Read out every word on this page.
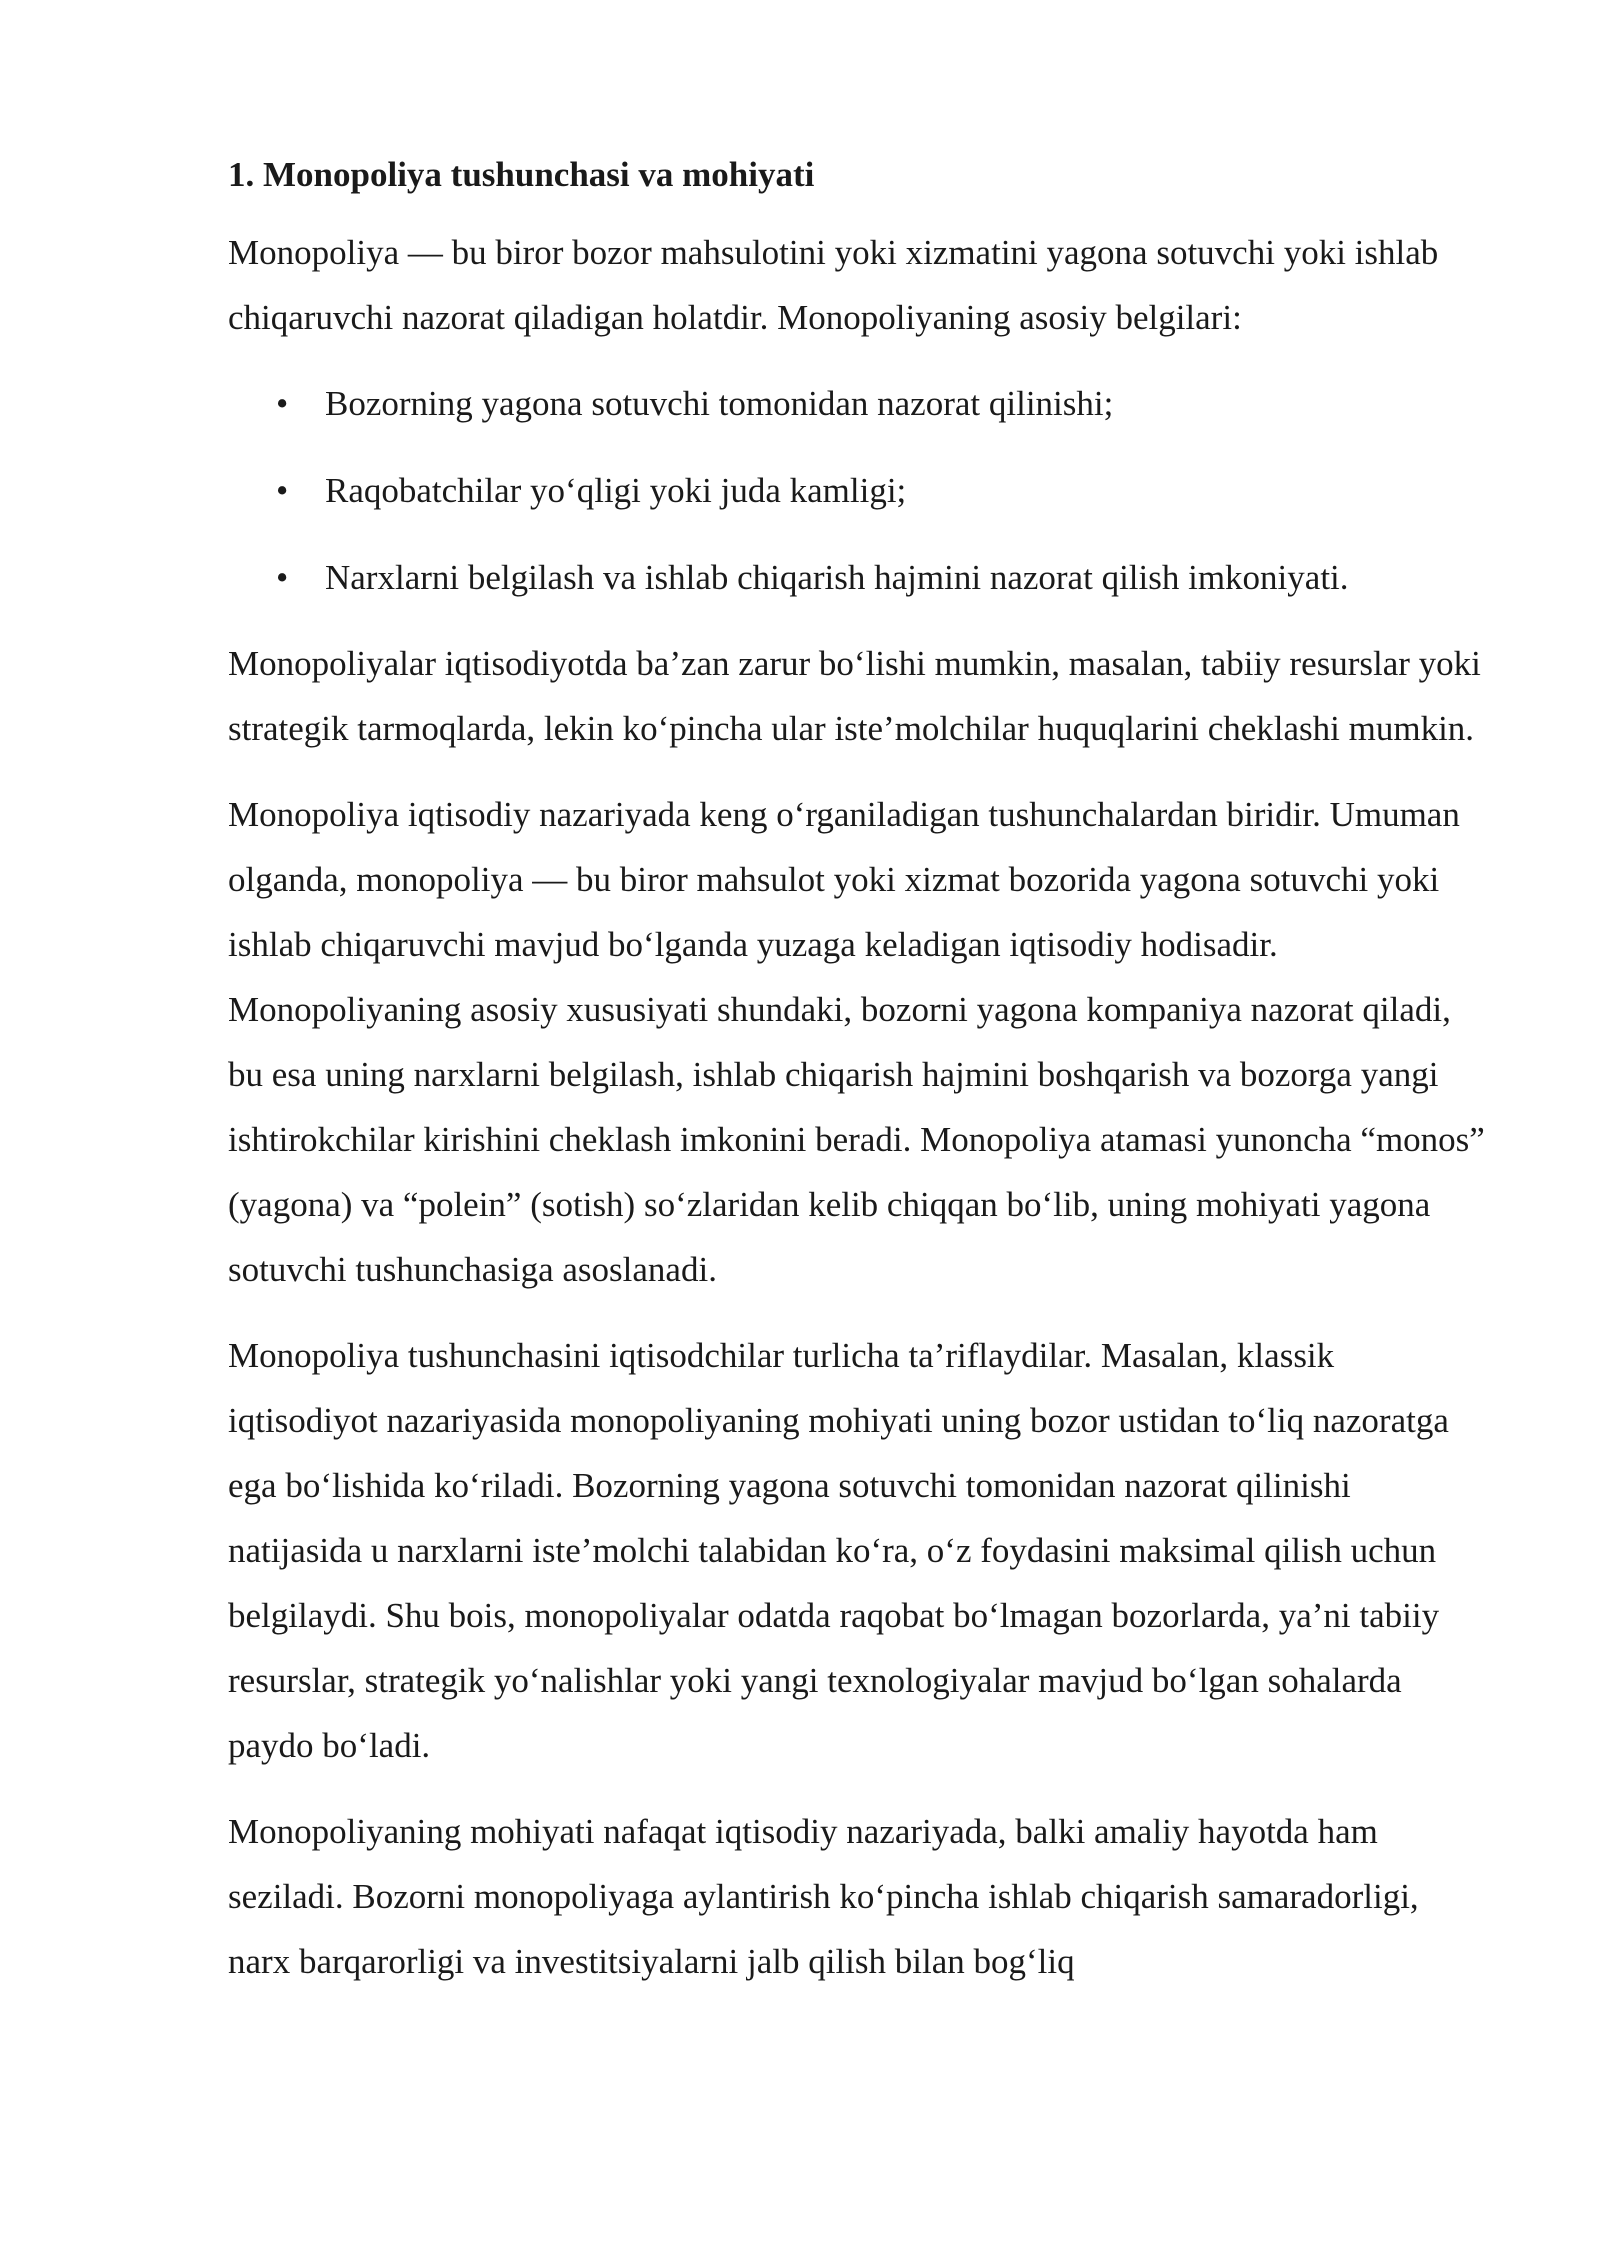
1. Monopoliya tushunchasi va mohiyati

Monopoliya — bu biror bozor mahsulotini yoki xizmatini yagona sotuvchi yoki ishlab chiqaruvchi nazorat qiladigan holatdir. Monopoliyaning asosiy belgilari:

• Bozorning yagona sotuvchi tomonidan nazorat qilinishi;
• Raqobatchilar yo‘qligi yoki juda kamligi;
• Narxlarni belgilash va ishlab chiqarish hajmini nazorat qilish imkoniyati.

Monopoliyalar iqtisodiyotda ba’zan zarur bo‘lishi mumkin, masalan, tabiiy resurslar yoki strategik tarmoqlarda, lekin ko‘pincha ular iste’molchilar huquqlarini cheklashi mumkin.

Monopoliya iqtisodiy nazariyada keng o‘rganiladigan tushunchalardan biridir. Umuman olganda, monopoliya — bu biror mahsulot yoki xizmat bozorida yagona sotuvchi yoki ishlab chiqaruvchi mavjud bo‘lganda yuzaga keladigan iqtisodiy hodisadir. Monopoliyaning asosiy xususiyati shundaki, bozorni yagona kompaniya nazorat qiladi, bu esa uning narxlarni belgilash, ishlab chiqarish hajmini boshqarish va bozorga yangi ishtirokchilar kirishini cheklash imkonini beradi. Monopoliya atamasi yunoncha “monos” (yagona) va “polein” (sotish) so‘zlaridan kelib chiqqan bo‘lib, uning mohiyati yagona sotuvchi tushunchasiga asoslanadi.

Monopoliya tushunchasini iqtisodchilar turlicha ta’riflaydilar. Masalan, klassik iqtisodiyot nazariyasida monopoliyaning mohiyati uning bozor ustidan to‘liq nazoratga ega bo‘lishida ko‘riladi. Bozorning yagona sotuvchi tomonidan nazorat qilinishi natijasida u narxlarni iste’molchi talabidan ko‘ra, o‘z foydasini maksimal qilish uchun belgilaydi. Shu bois, monopoliyalar odatda raqobat bo‘lmagan bozorlarda, ya’ni tabiiy resurslar, strategik yo‘nalishlar yoki yangi texnologiyalar mavjud bo‘lgan sohalarda paydo bo‘ladi.

Monopoliyaning mohiyati nafaqat iqtisodiy nazariyada, balki amaliy hayotda ham seziladi. Bozorni monopoliyaga aylantirish ko‘pincha ishlab chiqarish samaradorligi, narx barqarorligi va investitsiyalarni jalb qilish bilan bog‘liq
